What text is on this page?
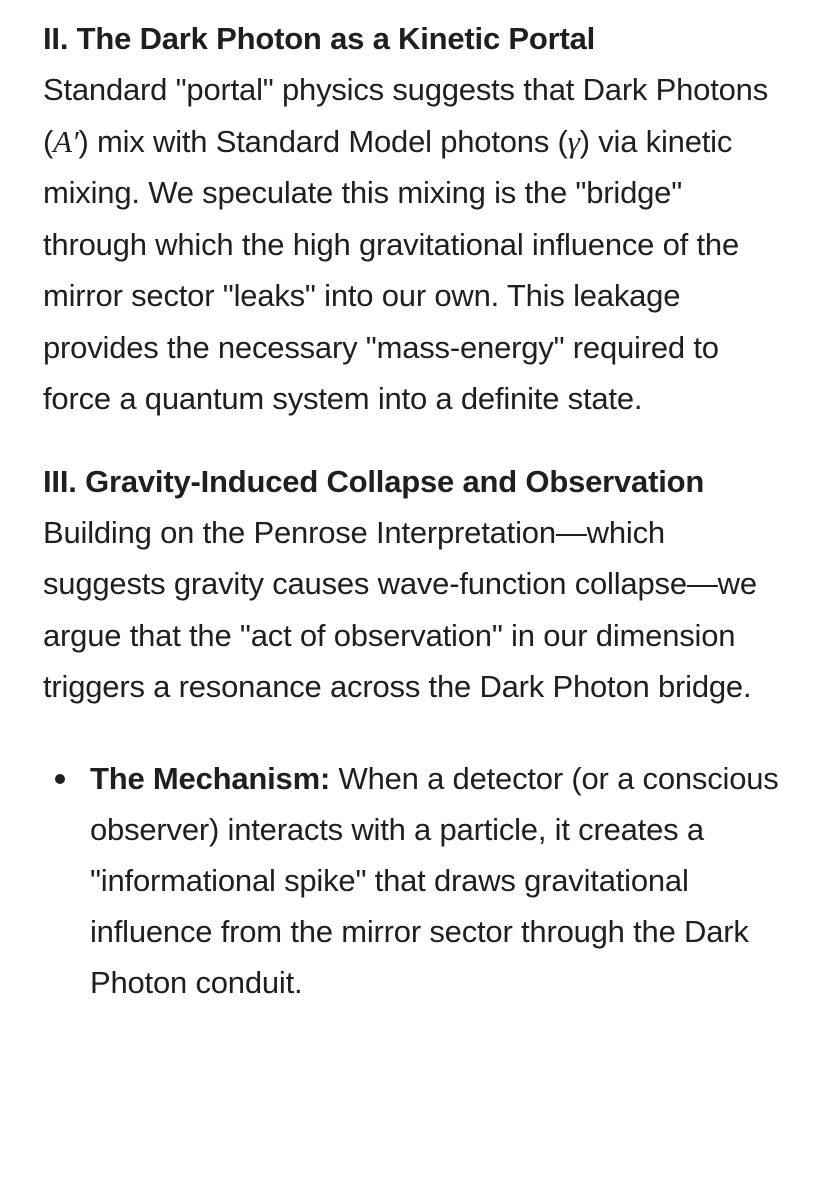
II. The Dark Photon as a Kinetic Portal

Standard "portal" physics suggests that Dark Photons (A′) mix with Standard Model photons (γ) via kinetic mixing. We speculate this mixing is the "bridge" through which the high gravitational influence of the mirror sector "leaks" into our own. This leakage provides the necessary "mass-energy" required to force a quantum system into a definite state.

III. Gravity-Induced Collapse and Observation

Building on the Penrose Interpretation—which suggests gravity causes wave-function collapse—we argue that the "act of observation" in our dimension triggers a resonance across the Dark Photon bridge.

The Mechanism: When a detector (or a conscious observer) interacts with a particle, it creates a "informational spike" that draws gravitational influence from the mirror sector through the Dark Photon conduit.
